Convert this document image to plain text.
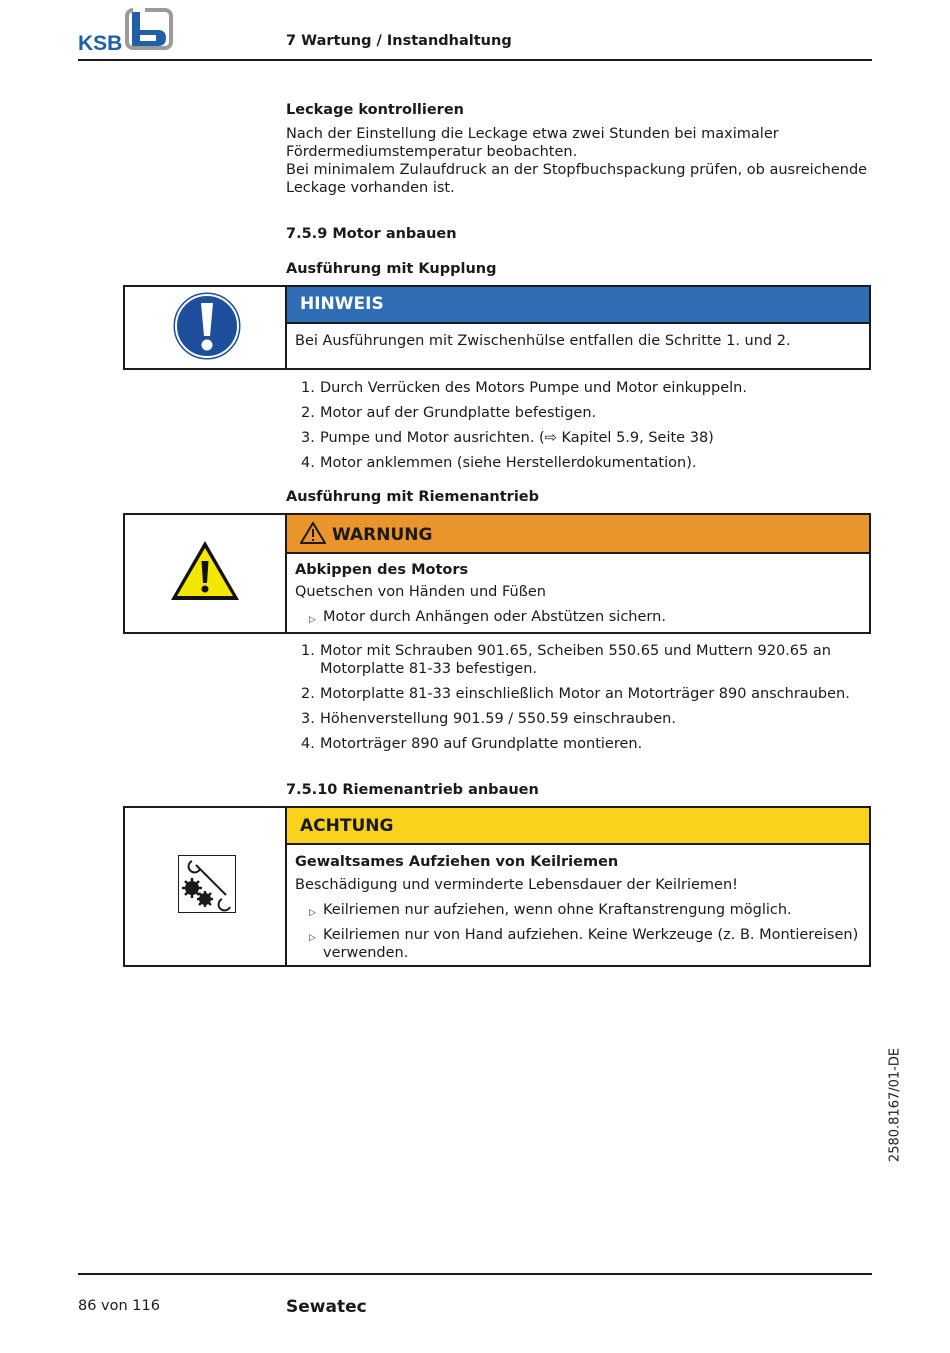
KSB	7 Wartung / Instandhaltung
Leckage kontrollieren
Nach der Einstellung die Leckage etwa zwei Stunden bei maximaler
Fördermediumstemperatur beobachten.
Bei minimalem Zulaufdruck an der Stopfbuchspackung prüfen, ob ausreichende
Leckage vorhanden ist.
7.5.9 Motor anbauen
Ausführung mit Kupplung
HINWEIS
Bei Ausführungen mit Zwischenhülse entfallen die Schritte 1. und 2.
1. Durch Verrücken des Motors Pumpe und Motor einkuppeln.
2. Motor auf der Grundplatte befestigen.
3. Pumpe und Motor ausrichten. (⇨ Kapitel 5.9, Seite 38)
4. Motor anklemmen (siehe Herstellerdokumentation).
Ausführung mit Riemenantrieb
WARNUNG
Abkippen des Motors
Quetschen von Händen und Füßen
▷ Motor durch Anhängen oder Abstützen sichern.
1. Motor mit Schrauben 901.65, Scheiben 550.65 und Muttern 920.65 an
Motorplatte 81-33 befestigen.
2. Motorplatte 81-33 einschließlich Motor an Motorträger 890 anschrauben.
3. Höhenverstellung 901.59 / 550.59 einschrauben.
4. Motorträger 890 auf Grundplatte montieren.
7.5.10 Riemenantrieb anbauen
ACHTUNG
Gewaltsames Aufziehen von Keilriemen
Beschädigung und verminderte Lebensdauer der Keilriemen!
▷ Keilriemen nur aufziehen, wenn ohne Kraftanstrengung möglich.
▷ Keilriemen nur von Hand aufziehen. Keine Werkzeuge (z. B. Montiereisen)
verwenden.
2580.8167/01-DE
86 von 116	Sewatec
